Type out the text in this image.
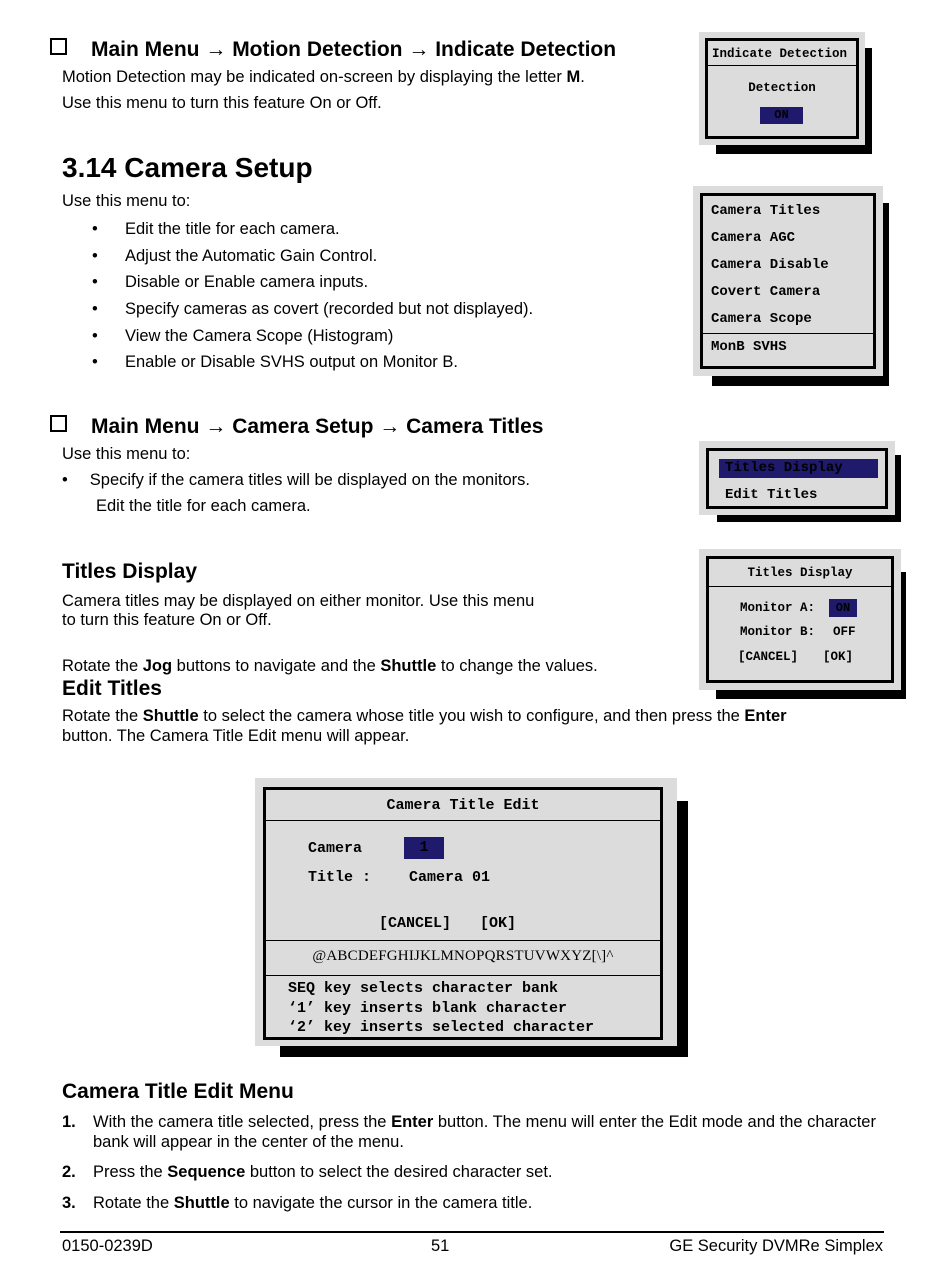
Main Menu → Motion Detection → Indicate Detection
Motion Detection may be indicated on-screen by displaying the letter M.
Use this menu to turn this feature On or Off.
Indicate Detection
Detection
ON
3.14 Camera Setup
Use this menu to:
• Edit the title for each camera.
• Adjust the Automatic Gain Control.
• Disable or Enable camera inputs.
• Specify cameras as covert (recorded but not displayed).
• View the Camera Scope (Histogram)
• Enable or Disable SVHS output on Monitor B.
Camera Titles
Camera AGC
Camera Disable
Covert Camera
Camera Scope
MonB SVHS
Main Menu → Camera Setup → Camera Titles
Use this menu to:
• Specify if the camera titles will be displayed on the monitors.
Edit the title for each camera.
Titles Display
Edit Titles
Titles Display
Camera titles may be displayed on either monitor. Use this menu
to turn this feature On or Off.
Rotate the Jog buttons to navigate and the Shuttle to change the values.
Titles Display
Monitor A:	ON
Monitor B: OFF
[CANCEL] [OK]
Edit Titles
Rotate the Shuttle to select the camera whose title you wish to configure, and then press the Enter
button. The Camera Title Edit menu will appear.
Camera Title Edit
Camera	1
Title :	Camera 01
[CANCEL] [OK]
@ABCDEFGHIJKLMNOPQRSTUVWXYZ[\]^
SEQ key selects character bank
‘1’ key inserts blank character
‘2’ key inserts selected character
Camera Title Edit Menu
1. With the camera title selected, press the Enter button. The menu will enter the Edit mode and the character bank will appear in the center of the menu.
2. Press the Sequence button to select the desired character set.
3. Rotate the Shuttle to navigate the cursor in the camera title.
0150-0239D	51	GE Security DVMRe Simplex
